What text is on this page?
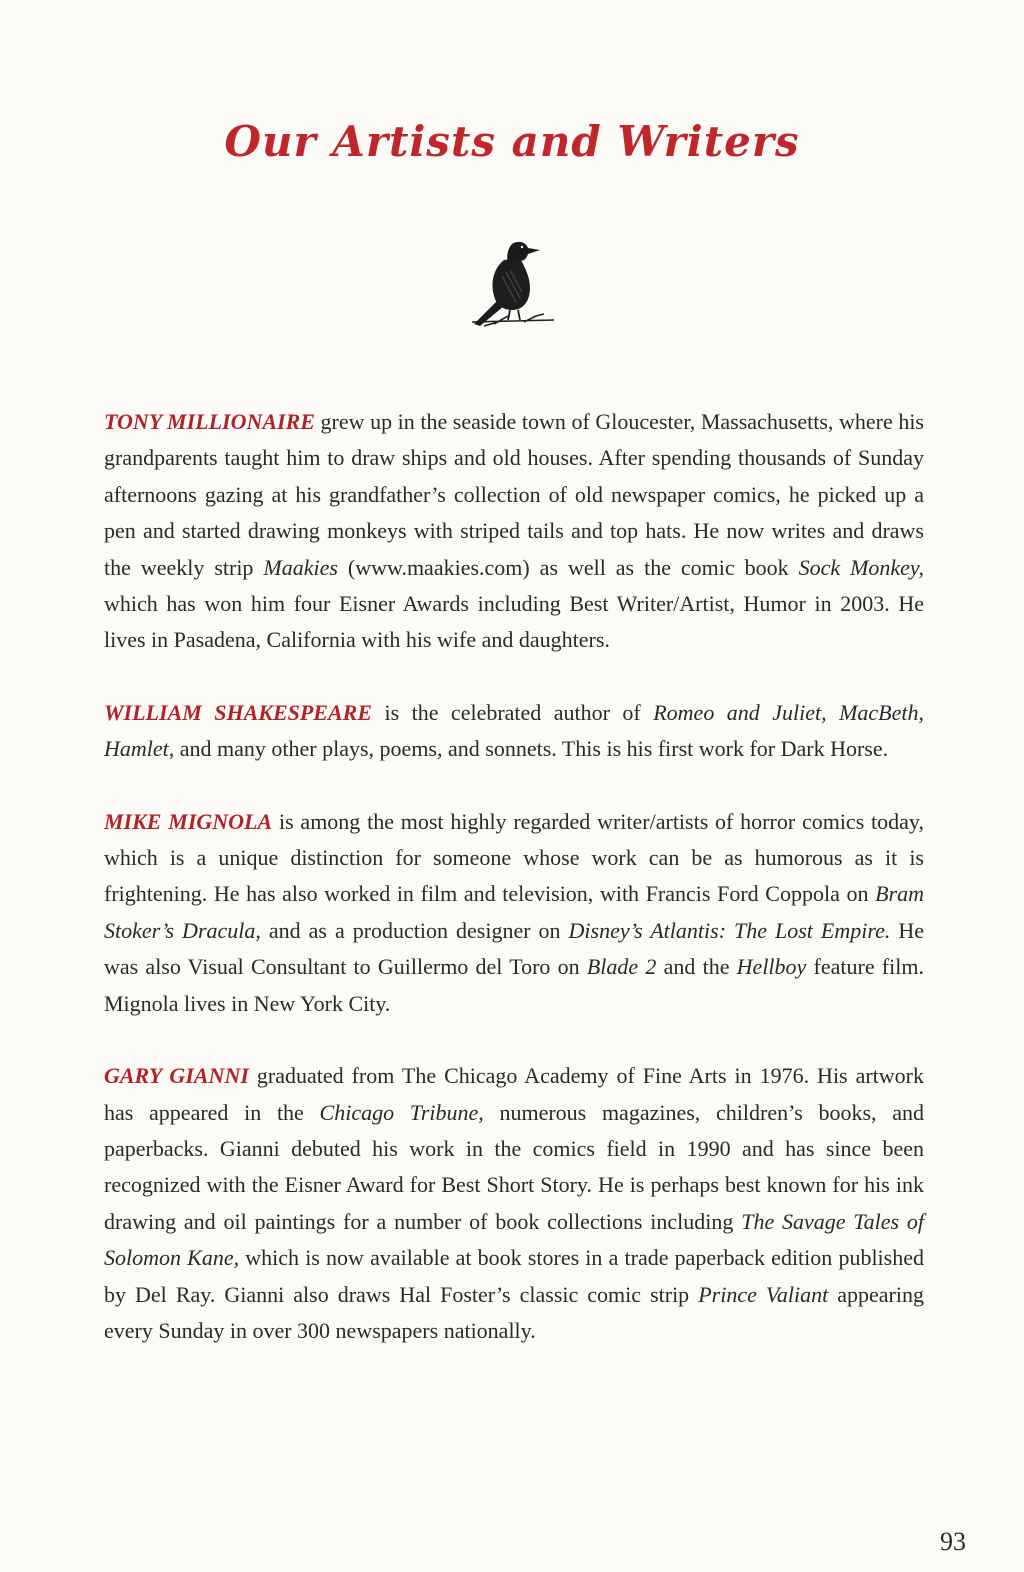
Our Artists and Writers

TONY MILLIONAIRE grew up in the seaside town of Gloucester, Massachusetts, where his grandparents taught him to draw ships and old houses. After spending thousands of Sunday afternoons gazing at his grandfather’s collection of old newspaper comics, he picked up a pen and started drawing monkeys with striped tails and top hats. He now writes and draws the weekly strip Maakies (www.maakies.com) as well as the comic book Sock Monkey, which has won him four Eisner Awards including Best Writer/Artist, Humor in 2003. He lives in Pasadena, California with his wife and daughters.

WILLIAM SHAKESPEARE is the celebrated author of Romeo and Juliet, MacBeth, Hamlet, and many other plays, poems, and sonnets. This is his first work for Dark Horse.

MIKE MIGNOLA is among the most highly regarded writer/artists of horror comics today, which is a unique distinction for someone whose work can be as humorous as it is frightening. He has also worked in film and television, with Francis Ford Coppola on Bram Stoker’s Dracula, and as a production designer on Disney’s Atlantis: The Lost Empire. He was also Visual Consultant to Guillermo del Toro on Blade 2 and the Hellboy feature film. Mignola lives in New York City.

GARY GIANNI graduated from The Chicago Academy of Fine Arts in 1976. His artwork has appeared in the Chicago Tribune, numerous magazines, children’s books, and paperbacks. Gianni debuted his work in the comics field in 1990 and has since been recognized with the Eisner Award for Best Short Story. He is perhaps best known for his ink drawing and oil paintings for a number of book collections including The Savage Tales of Solomon Kane, which is now available at book stores in a trade paperback edition published by Del Ray. Gianni also draws Hal Foster’s classic comic strip Prince Valiant appearing every Sunday in over 300 newspapers nationally.

93
